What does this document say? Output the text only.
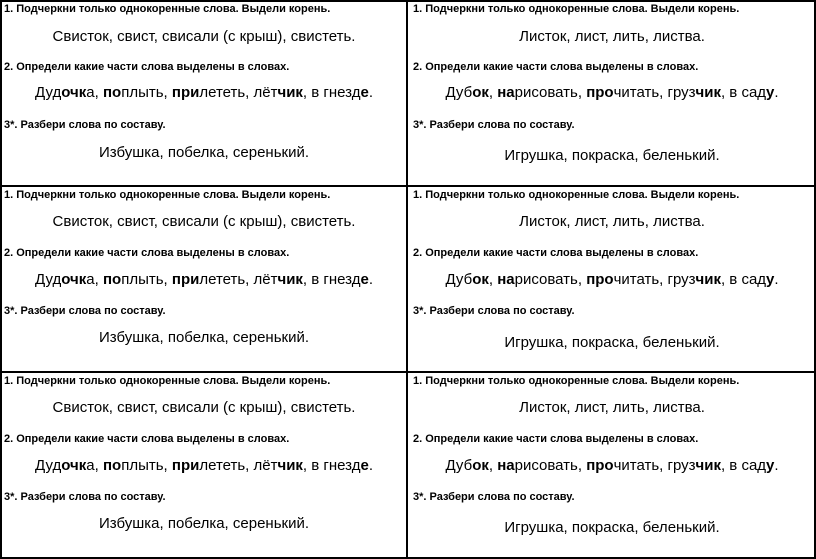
1. Подчеркни только однокоренные слова. Выдели корень.
Свисток, свист, свисали (с крыш), свистеть.
2. Определи какие части слова выделены в словах.
Дудочка, поплыть, прилететь, лётчик, в гнезде.
3*. Разбери слова по составу.
Избушка, побелка, серенький.
1. Подчеркни только однокоренные слова. Выдели корень.
Листок, лист, лить, листва.
2. Определи какие части слова выделены в словах.
Дубок, нарисовать, прочитать, грузчик, в саду.
3*. Разбери слова по составу.
Игрушка, покраска, беленький.
1. Подчеркни только однокоренные слова. Выдели корень.
Свисток, свист, свисали (с крыш), свистеть.
2. Определи какие части слова выделены в словах.
Дудочка, поплыть, прилететь, лётчик, в гнезде.
3*. Разбери слова по составу.
Избушка, побелка, серенький.
1. Подчеркни только однокоренные слова. Выдели корень.
Листок, лист, лить, листва.
2. Определи какие части слова выделены в словах.
Дубок, нарисовать, прочитать, грузчик, в саду.
3*. Разбери слова по составу.
Игрушка, покраска, беленький.
1. Подчеркни только однокоренные слова. Выдели корень.
Свисток, свист, свисали (с крыш), свистеть.
2. Определи какие части слова выделены в словах.
Дудочка, поплыть, прилететь, лётчик, в гнезде.
3*. Разбери слова по составу.
Избушка, побелка, серенький.
1. Подчеркни только однокоренные слова. Выдели корень.
Листок, лист, лить, листва.
2. Определи какие части слова выделены в словах.
Дубок, нарисовать, прочитать, грузчик, в саду.
3*. Разбери слова по составу.
Игрушка, покраска, беленький.
